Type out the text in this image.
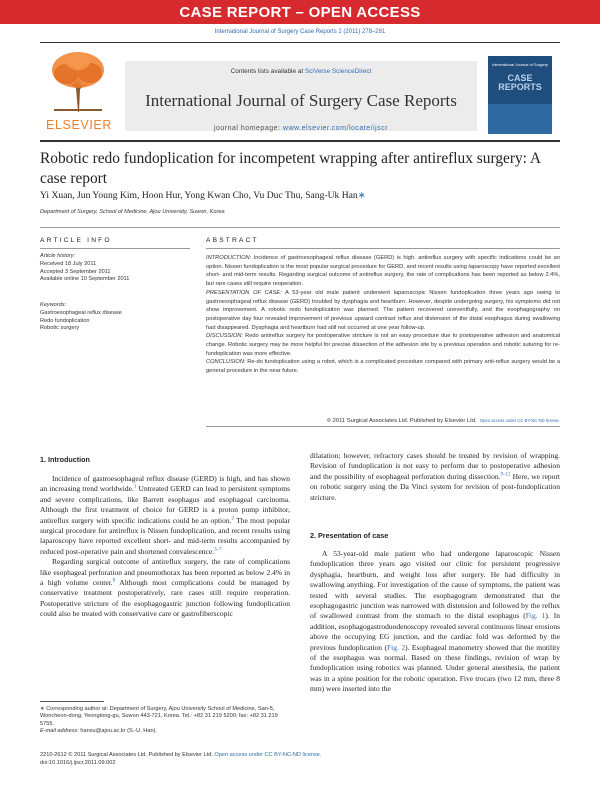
CASE REPORT – OPEN ACCESS
International Journal of Surgery Case Reports 2 (2011) 278–281
ELSEVIER
Contents lists available at SciVerse ScienceDirect
International Journal of Surgery Case Reports
journal homepage: www.elsevier.com/locate/ijscr
International Journal of Surgery
CASE REPORTS
Robotic redo fundoplication for incompetent wrapping after antireflux surgery: A case report
Yi Xuan, Jun Young Kim, Hoon Hur, Yong Kwan Cho, Vu Duc Thu, Sang-Uk Han∗
Department of Surgery, School of Medicine, Ajou University, Suwon, Korea
ARTICLE INFO
Article history:
Received 18 July 2011
Accepted 3 September 2011
Available online 10 September 2011
Keywords:
Gastroesophageal reflux disease
Redo fundoplication
Robotic surgery
ABSTRACT
INTRODUCTION: Incidence of gastroesophageal reflux disease (GERD) is high. antireflux surgery with specific indications could be an option. Nissen fundoplication is the most popular surgical procedure for GERD, and recent results using laparoscopy have reported excellent short- and mid-term results. Regarding surgical outcome of antireflux surgery, the rate of complications has been reported as below 2.4%, but rare cases still require reoperation.
PRESENTATION OF CASE: A 53-year old male patient underwent laparoscopic Nissen fundoplication three years ago owing to gastroesophageal reflux disease (GERD) troubled by dysphagia and heartburn. However, despite undergoing surgery, his symptoms did not show improvement. A robotic redo fundoplication was planned. The patient recovered uneventfully, and the esophagography on postoperative day four revealed improvement of previous upward contrast reflux and distension of the distal esophagus during swallowing had disappeared. Dysphagia and heartburn had still not occurred at one year follow-up.
DISCUSSION: Redo antireflux surgery for postoperative stricture is not an easy procedure due to postoperative adhesion and anatomical change. Robotic surgery may be more helpful for precise dissection of the adhesion site by a previous operation and robotic suturing for re-fundoplication was more effective.
CONCLUSION: Re-do fundoplication using a robot, which is a complicated procedure compared with primary anti-reflux surgery would be a general procedure in the near future.
© 2011 Surgical Associates Ltd. Published by Elsevier Ltd. Open access under CC BY-NC-ND license.
1. Introduction

Incidence of gastroesophageal reflux disease (GERD) is high, and has shown an increasing trend worldwide.$^1$ Untreated GERD can lead to persistent symptoms and severe complications, like Barrett esophagus and esophageal carcinoma. Although the first treatment of choice for GERD is a proton pump inhibitor, antireflux surgery with specific indications could be an option.$^2$ The most popular surgical procedure for antireflux is Nissen fundoplication, and recent results using laparoscopy have reported excellent short- and mid-term results accompanied by reduced post-operative pain and shortened convalescence.$^{3-7}$

Regarding surgical outcome of antireflux surgery, the rate of complications like esophageal perforation and pneumothorax has been reported as below 2.4% in a high volume center.$^8$ Although most complications could be managed by conservative treatment postoperatively, rare cases still require reoperation. Postoperative stricture of the esophagogastric junction following fundoplication could also be treated with conservative care or gastrofiberscopic

dilatation; however, refractory cases should be treated by revision of wrapping. Revision of fundoplication is not easy to perform due to postoperative adhesion and the possibility of esophageal perforation during dissection.$^{9-12}$ Here, we report on robotic surgery using the Da Vinci system for revision of post-fundoplication stricture.
2. Presentation of case

A 53-year-old male patient who had undergone laparoscopic Nissen fundoplication three years ago visited our clinic for persistent progressive dysphagia, heartburn, and weight loss after surgery. He had difficulty in swallowing anything. For investigation of the cause of symptoms, the patient was tested with several studies. The esophagogram demonstrated that the esophagogastric junction was narrowed with distension and followed by the reflux of swallowed contrast from the stomach to the distal esophagus (Fig. 1). In addition, esophagogastroduodenoscopy revealed several continuous linear erosions above the occupying EG junction, and the cardiac fold was deformed by the previous fundoplication (Fig. 2). Esophageal manometry showed that the motility of the esophagus was normal. Based on these findings, revision of wrap by fundoplication using robotics was planned. Under general anesthesia, the patient was in a spine position for the robotic operation. Five trocars (two 12 mm, three 8 mm) were inserted into the

∗ Corresponding author at: Department of Surgery, Ajou University School of Medicine, San-5, Woncheon-dong, Yeongtong-gu, Suwon 443-721, Korea. Tel.: +82 31 219 5200; fax: +82 31 219 5755.
E-mail address: hansu@ajou.ac.kr (S.-U. Han).
2210-2612 © 2011 Surgical Associates Ltd. Published by Elsevier Ltd. Open access under CC BY-NC-ND license.
doi:10.1016/j.ijscr.2011.09.002
